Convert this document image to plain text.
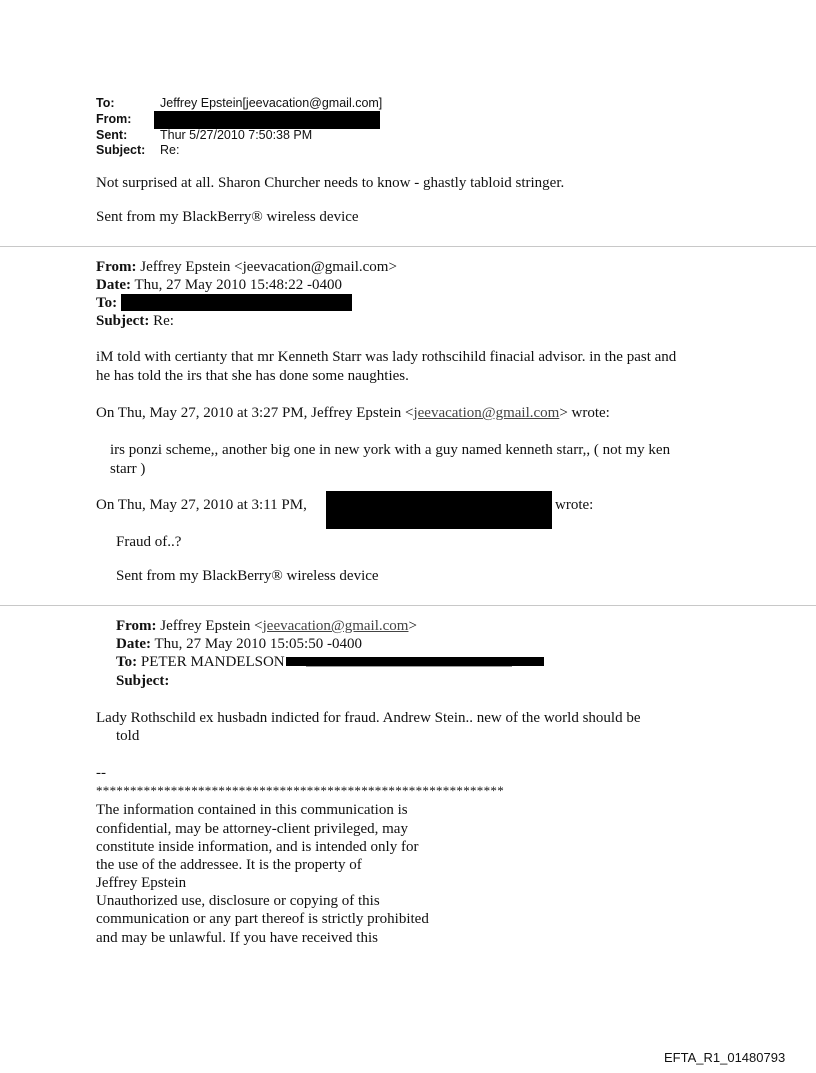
To:	Jeffrey Epstein[jeevacation@gmail.com]
From:
Sent:	Thur 5/27/2010 7:50:38 PM
Subject: Re:
Not surprised at all. Sharon Churcher needs to know - ghastly tabloid stringer.
Sent from my BlackBerry® wireless device
From: Jeffrey Epstein <jeevacation@gmail.com>
Date: Thu, 27 May 2010 15:48:22 -0400
To:
Subject: Re:
iM told with certianty that mr Kenneth Starr was lady rothscihild finacial advisor. in the past and
he has told the irs that she has done some naughties.
On Thu, May 27, 2010 at 3:27 PM, Jeffrey Epstein <jeevacation@gmail.com> wrote:
irs ponzi scheme,, another big one in new york with a guy named kenneth starr,, ( not my ken
starr )
On Thu, May 27, 2010 at 3:11 PM,	wrote:
Fraud of..?
Sent from my BlackBerry® wireless device
From: Jeffrey Epstein <jeevacation@gmail.com>
Date: Thu, 27 May 2010 15:05:50 -0400
To: PETER MANDELSON
Subject:
Lady Rothschild ex husbadn indicted for fraud. Andrew Stein.. new of the world should be
told
--
************************************************************
The information contained in this communication is
confidential, may be attorney-client privileged, may
constitute inside information, and is intended only for
the use of the addressee. It is the property of
Jeffrey Epstein
Unauthorized use, disclosure or copying of this
communication or any part thereof is strictly prohibited
and may be unlawful. If you have received this
EFTA_R1_01480793
